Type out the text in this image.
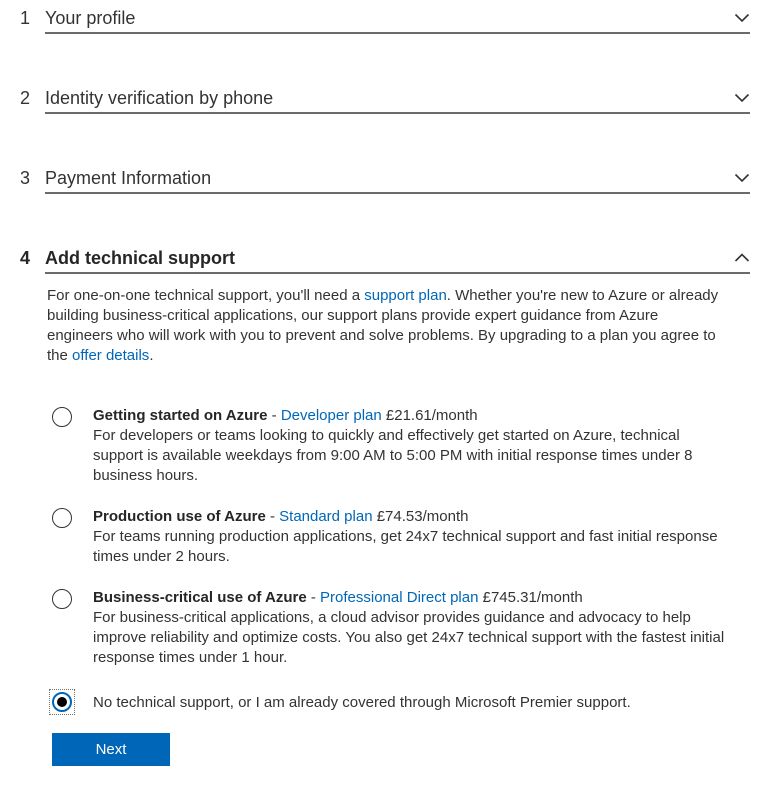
1 Your profile
2 Identity verification by phone
3 Payment Information
4 Add technical support

For one-on-one technical support, you'll need a support plan. Whether you're new to Azure or already building business-critical applications, our support plans provide expert guidance from Azure engineers who will work with you to prevent and solve problems. By upgrading to a plan you agree to the offer details.

Getting started on Azure - Developer plan £21.61/month
For developers or teams looking to quickly and effectively get started on Azure, technical support is available weekdays from 9:00 AM to 5:00 PM with initial response times under 8 business hours.
Production use of Azure - Standard plan £74.53/month
For teams running production applications, get 24x7 technical support and fast initial response times under 2 hours.
Business-critical use of Azure - Professional Direct plan £745.31/month
For business-critical applications, a cloud advisor provides guidance and advocacy to help improve reliability and optimize costs. You also get 24x7 technical support with the fastest initial response times under 1 hour.
No technical support, or I am already covered through Microsoft Premier support.
Next
